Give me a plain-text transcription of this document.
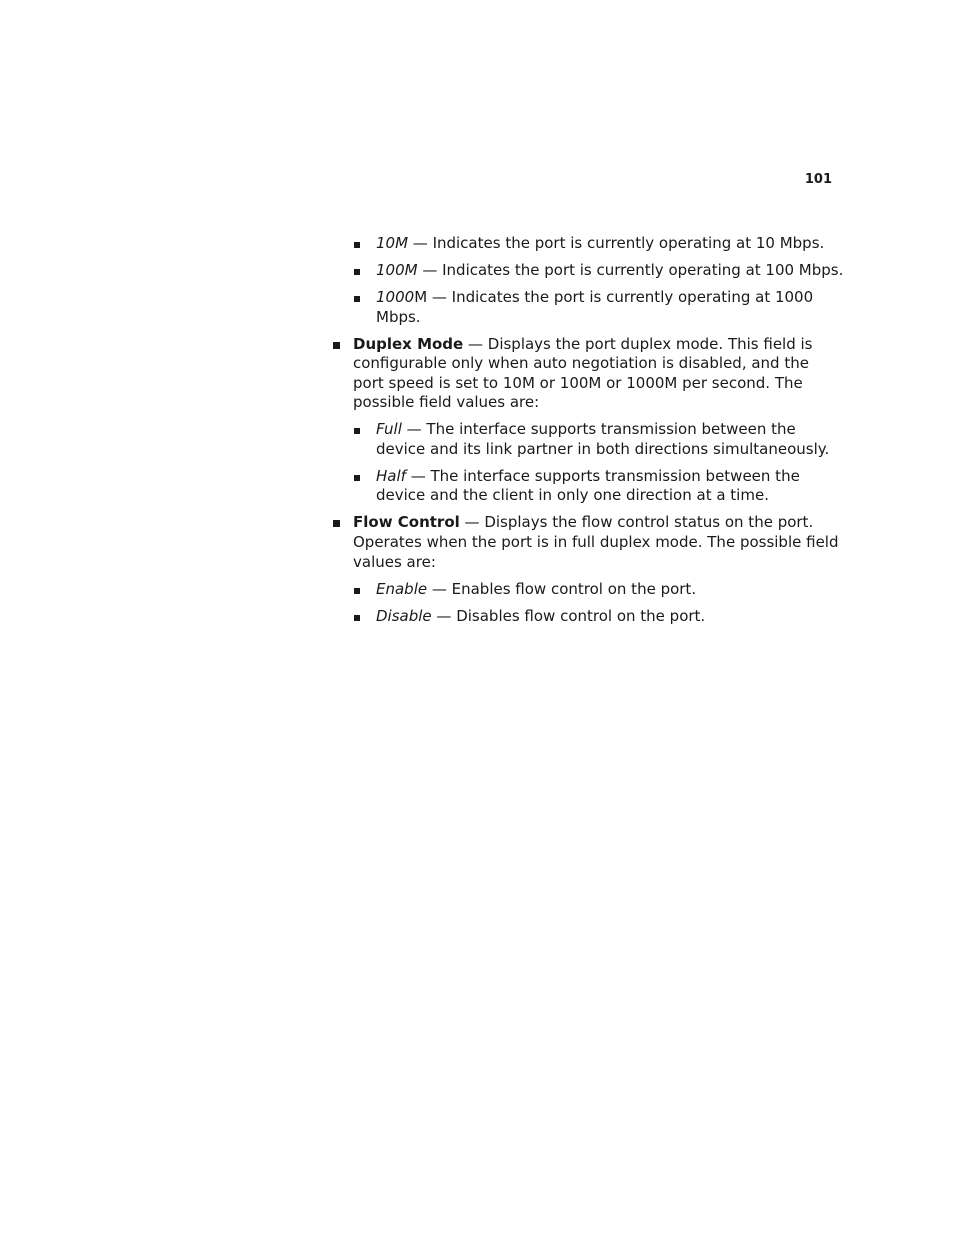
101
10M — Indicates the port is currently operating at 10 Mbps.
100M — Indicates the port is currently operating at 100 Mbps.
1000M — Indicates the port is currently operating at 1000 Mbps.
Duplex Mode — Displays the port duplex mode. This field is configurable only when auto negotiation is disabled, and the port speed is set to 10M or 100M or 1000M per second. The possible field values are:
Full — The interface supports transmission between the device and its link partner in both directions simultaneously.
Half — The interface supports transmission between the device and the client in only one direction at a time.
Flow Control — Displays the flow control status on the port. Operates when the port is in full duplex mode. The possible field values are:
Enable — Enables flow control on the port.
Disable — Disables flow control on the port.
